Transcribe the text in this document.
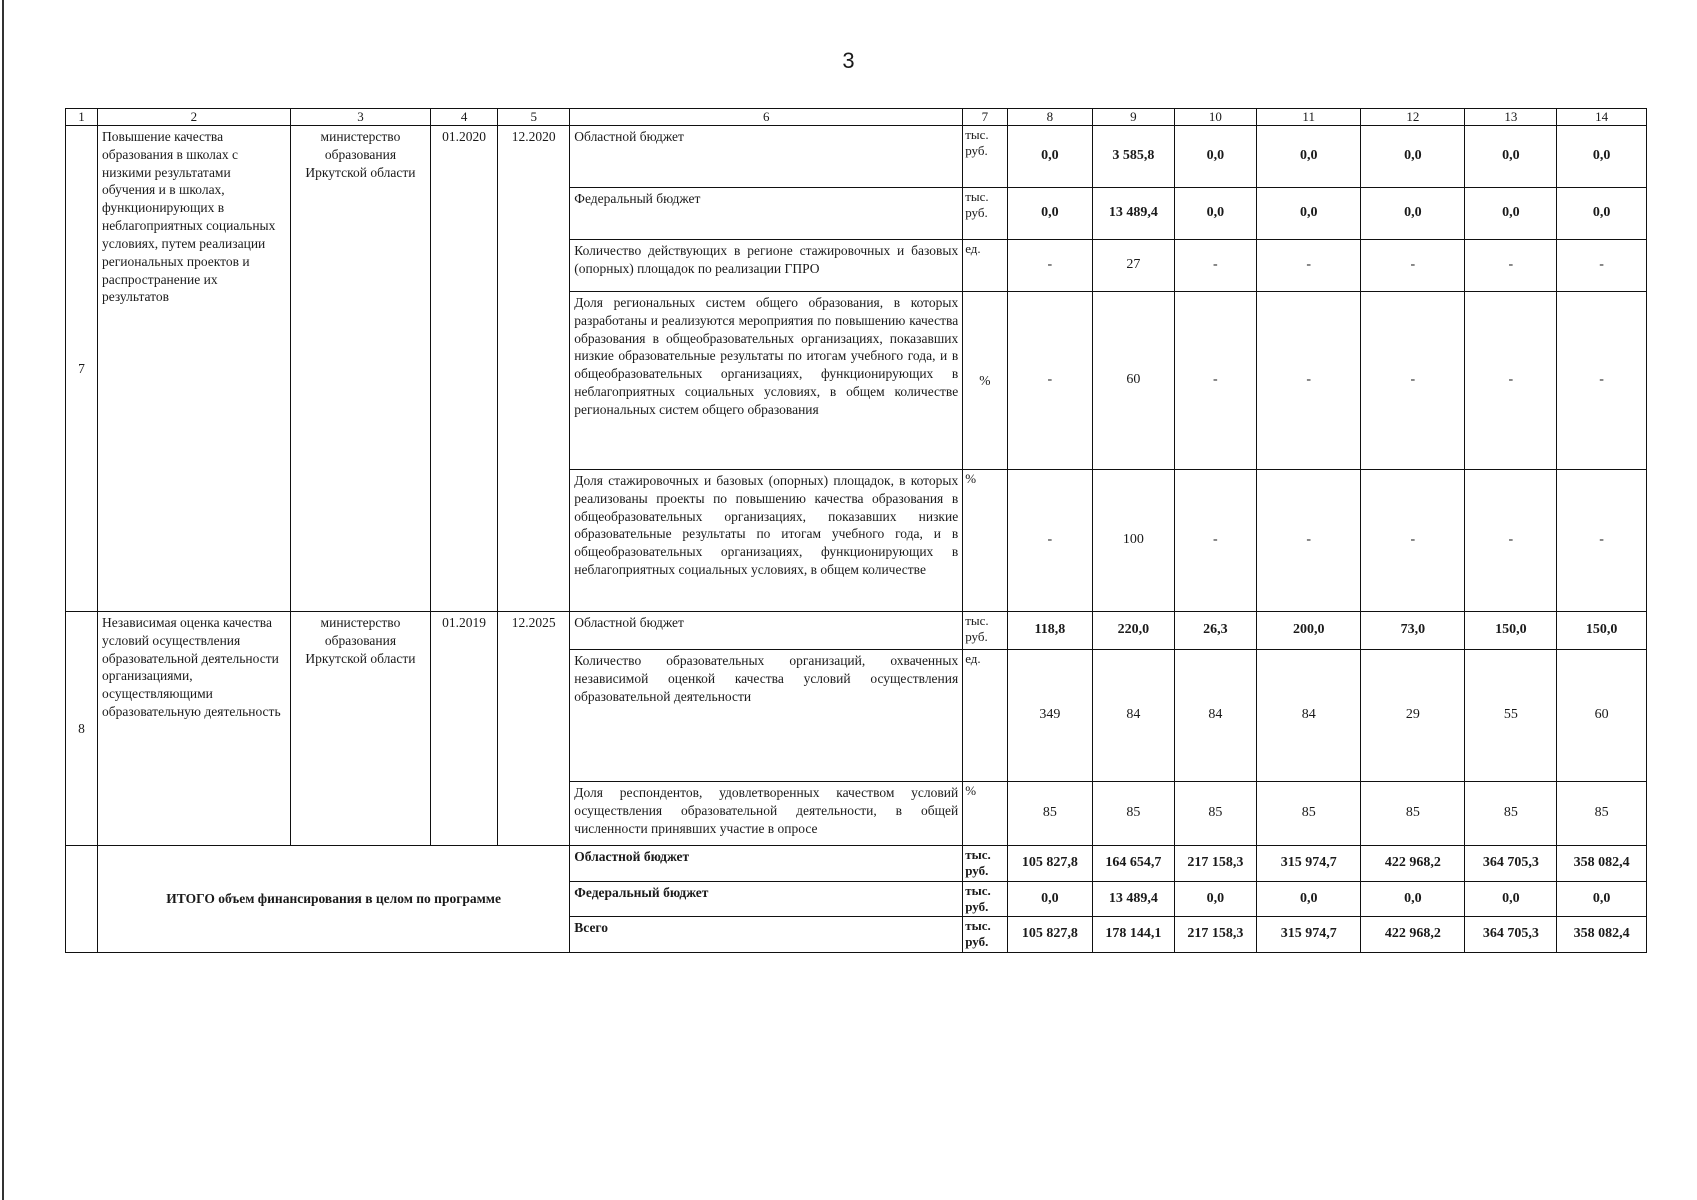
3
1	2	3	4	5	6	7	8	9	10	11	12	13	14
7	Повышение качества образования в школах с низкими результатами обучения и в школах, функционирующих в неблагоприятных социальных условиях, путем реализации региональных проектов и распространение их результатов	министерство образования Иркутской области	01.2020	12.2020	Областной бюджет	тыс. руб.	0,0	3 585,8	0,0	0,0	0,0	0,0	0,0
					Федеральный бюджет	тыс. руб.	0,0	13 489,4	0,0	0,0	0,0	0,0	0,0
					Количество действующих в регионе стажировочных и базовых (опорных) площадок по реализации ГПРО	ед.	-	27	-	-	-	-	-
					Доля региональных систем общего образования, в которых разработаны и реализуются мероприятия по повышению качества образования в общеобразовательных организациях, показавших низкие образовательные результаты по итогам учебного года, и в общеобразовательных организациях, функционирующих в неблагоприятных социальных условиях, в общем количестве региональных систем общего образования	%	-	60	-	-	-	-	-
					Доля стажировочных и базовых (опорных) площадок, в которых реализованы проекты по повышению качества образования в общеобразовательных организациях, показавших низкие образовательные результаты по итогам учебного года, и в общеобразовательных организациях, функционирующих в неблагоприятных социальных условиях, в общем количестве	%	-	100	-	-	-	-	-
8	Независимая оценка качества условий осуществления образовательной деятельности организациями, осуществляющими образовательную деятельность	министерство образования Иркутской области	01.2019	12.2025	Областной бюджет	тыс. руб.	118,8	220,0	26,3	200,0	73,0	150,0	150,0
					Количество образовательных организаций, охваченных независимой оценкой качества условий осуществления образовательной деятельности	ед.	349	84	84	84	29	55	60
					Доля респондентов, удовлетворенных качеством условий осуществления образовательной деятельности, в общей численности принявших участие в опросе	%	85	85	85	85	85	85	85
	ИТОГО объем финансирования в целом по программе				Областной бюджет	тыс. руб.	105 827,8	164 654,7	217 158,3	315 974,7	422 968,2	364 705,3	358 082,4
					Федеральный бюджет	тыс. руб.	0,0	13 489,4	0,0	0,0	0,0	0,0	0,0
					Всего	тыс. руб.	105 827,8	178 144,1	217 158,3	315 974,7	422 968,2	364 705,3	358 082,4
